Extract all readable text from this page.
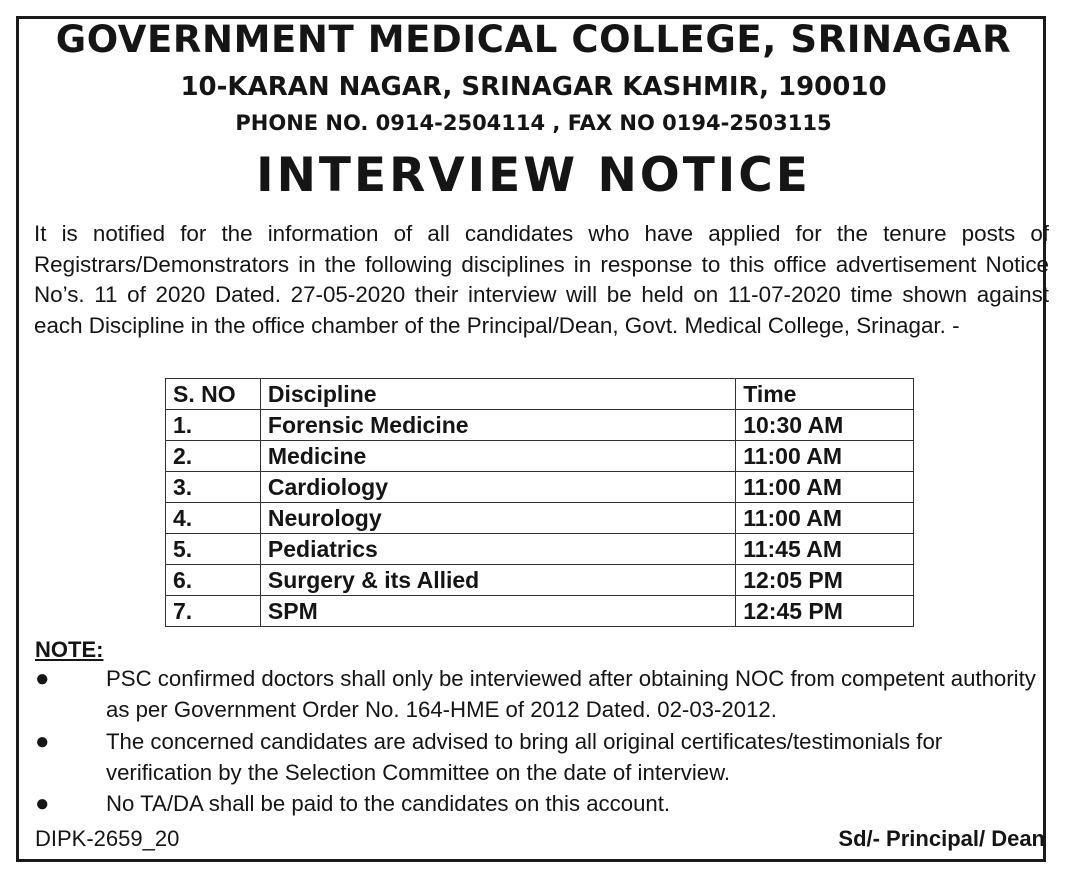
GOVERNMENT MEDICAL COLLEGE, SRINAGAR
10-KARAN NAGAR, SRINAGAR KASHMIR, 190010
PHONE NO. 0914-2504114 , FAX NO 0194-2503115
INTERVIEW NOTICE
It is notified for the information of all candidates who have applied for the tenure posts of Registrars/Demonstrators in the following disciplines in response to this office advertisement Notice No’s. 11 of 2020 Dated. 27-05-2020 their interview will be held on 11-07-2020 time shown against each Discipline in the office chamber of the Principal/Dean, Govt. Medical College, Srinagar. -
S. NO	Discipline	Time
1.	Forensic Medicine	10:30 AM
2.	Medicine	11:00 AM
3.	Cardiology	11:00 AM
4.	Neurology	11:00 AM
5.	Pediatrics	11:45 AM
6.	Surgery & its Allied	12:05 PM
7.	SPM	12:45 PM
NOTE:
●	PSC confirmed doctors shall only be interviewed after obtaining NOC from competent authority as per Government Order No. 164-HME of 2012 Dated. 02-03-2012.
●	The concerned candidates are advised to bring all original certificates/testimonials for verification by the Selection Committee on the date of interview.
●	No TA/DA shall be paid to the candidates on this account.
DIPK-2659_20	Sd/- Principal/ Dean
